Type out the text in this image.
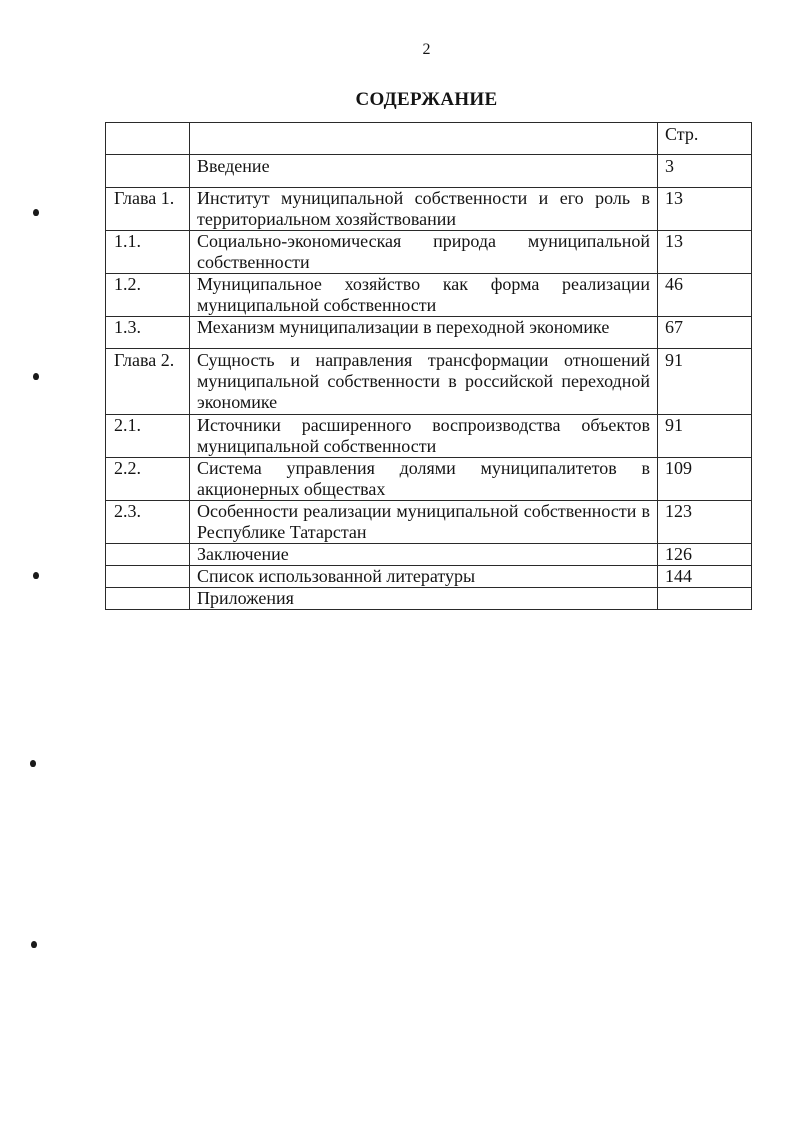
2
СОДЕРЖАНИЕ
		Стр.
	Введение	3
Глава 1.	Институт муниципальной собственности и его роль в территориальном хозяйствовании	13
1.1.	Социально-экономическая природа муниципальной собственности	13
1.2.	Муниципальное хозяйство как форма реализации муниципальной собственности	46
1.3.	Механизм муниципализации в переходной экономике	67
Глава 2.	Сущность и направления трансформации отношений муниципальной собственности в российской переходной экономике	91
2.1.	Источники расширенного воспроизводства объектов муниципальной собственности	91
2.2.	Система управления долями муниципалитетов в акционерных обществах	109
2.3.	Особенности реализации муниципальной собственности в Республике Татарстан	123
	Заключение	126
	Список использованной литературы	144
	Приложения	
